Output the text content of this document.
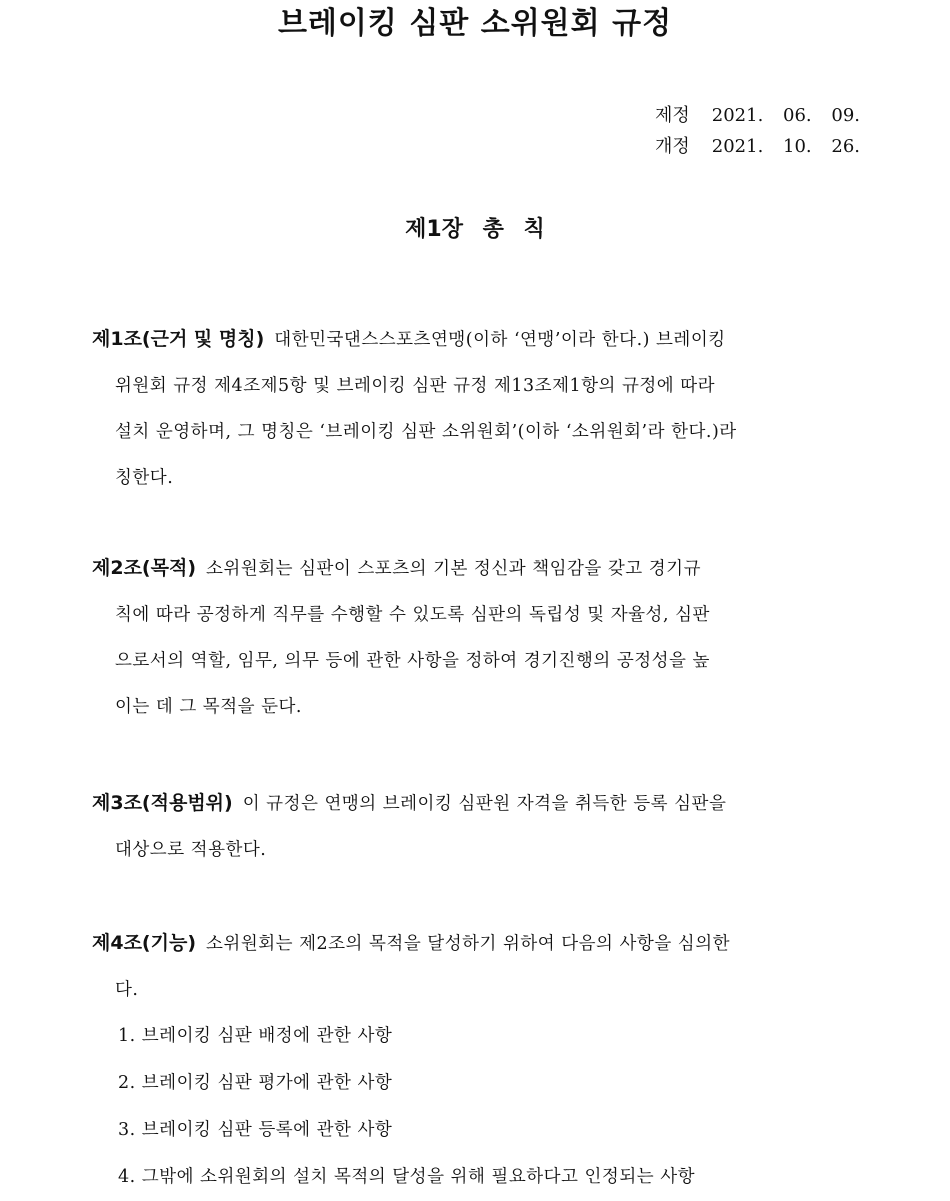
브레이킹 심판 소위원회 규정
제정 2021. 06. 09.
개정 2021. 10. 26.
제1장 총 칙
제1조(근거 및 명칭) 대한민국댄스스포츠연맹(이하 ‘연맹’이라 한다.) 브레이킹
위원회 규정 제4조제5항 및 브레이킹 심판 규정 제13조제1항의 규정에 따라
설치 운영하며, 그 명칭은 ‘브레이킹 심판 소위원회’(이하 ‘소위원회’라 한다.)라
칭한다.
제2조(목적) 소위원회는 심판이 스포츠의 기본 정신과 책임감을 갖고 경기규
칙에 따라 공정하게 직무를 수행할 수 있도록 심판의 독립성 및 자율성, 심판
으로서의 역할, 임무, 의무 등에 관한 사항을 정하여 경기진행의 공정성을 높
이는 데 그 목적을 둔다.
제3조(적용범위) 이 규정은 연맹의 브레이킹 심판원 자격을 취득한 등록 심판을
대상으로 적용한다.
제4조(기능) 소위원회는 제2조의 목적을 달성하기 위하여 다음의 사항을 심의한
다.
1. 브레이킹 심판 배정에 관한 사항
2. 브레이킹 심판 평가에 관한 사항
3. 브레이킹 심판 등록에 관한 사항
4. 그밖에 소위원회의 설치 목적의 달성을 위해 필요하다고 인정되는 사항
